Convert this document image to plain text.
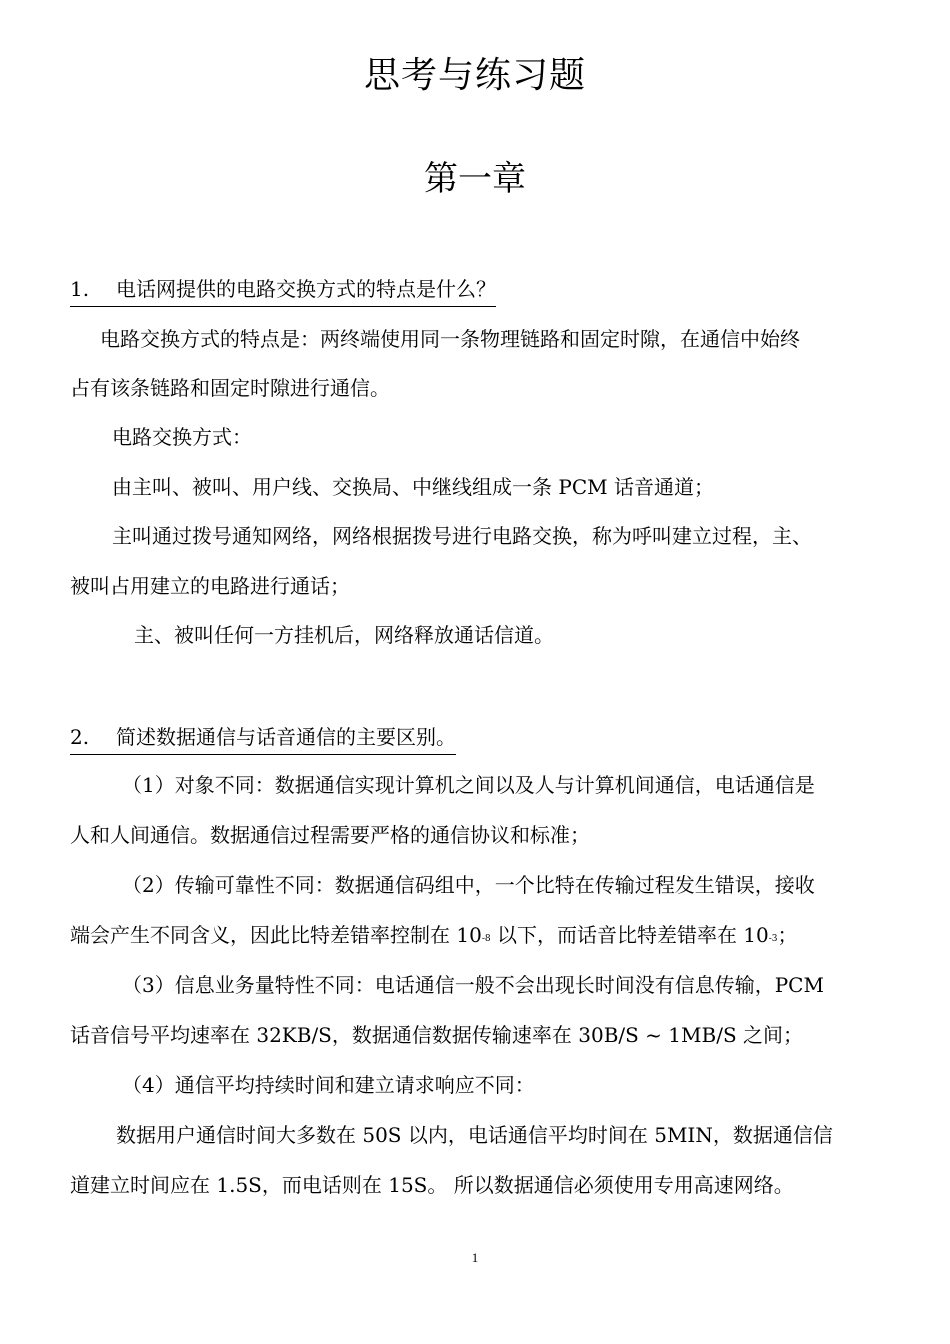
思考与练习题
第一章
1. 电话网提供的电路交换方式的特点是什么？
电路交换方式的特点是：两终端使用同一条物理链路和固定时隙，在通信中始终
占有该条链路和固定时隙进行通信。
电路交换方式：
由主叫、被叫、用户线、交换局、中继线组成一条 PCM 话音通道；
主叫通过拨号通知网络，网络根据拨号进行电路交换，称为呼叫建立过程，主、
被叫占用建立的电路进行通话；
主、被叫任何一方挂机后，网络释放通话信道。
2. 简述数据通信与话音通信的主要区别。
（1）对象不同：数据通信实现计算机之间以及人与计算机间通信，电话通信是
人和人间通信。数据通信过程需要严格的通信协议和标准；
（2）传输可靠性不同：数据通信码组中，一个比特在传输过程发生错误，接收
端会产生不同含义，因此比特差错率控制在 10-8 以下，而话音比特差错率在 10-3；
（3）信息业务量特性不同：电话通信一般不会出现长时间没有信息传输，PCM
话音信号平均速率在 32KB/S，数据通信数据传输速率在 30B/S ~ 1MB/S 之间；
（4）通信平均持续时间和建立请求响应不同：
数据用户通信时间大多数在 50S 以内，电话通信平均时间在 5MIN，数据通信信
道建立时间应在 1.5S，而电话则在 15S。 所以数据通信必须使用专用高速网络。
1
